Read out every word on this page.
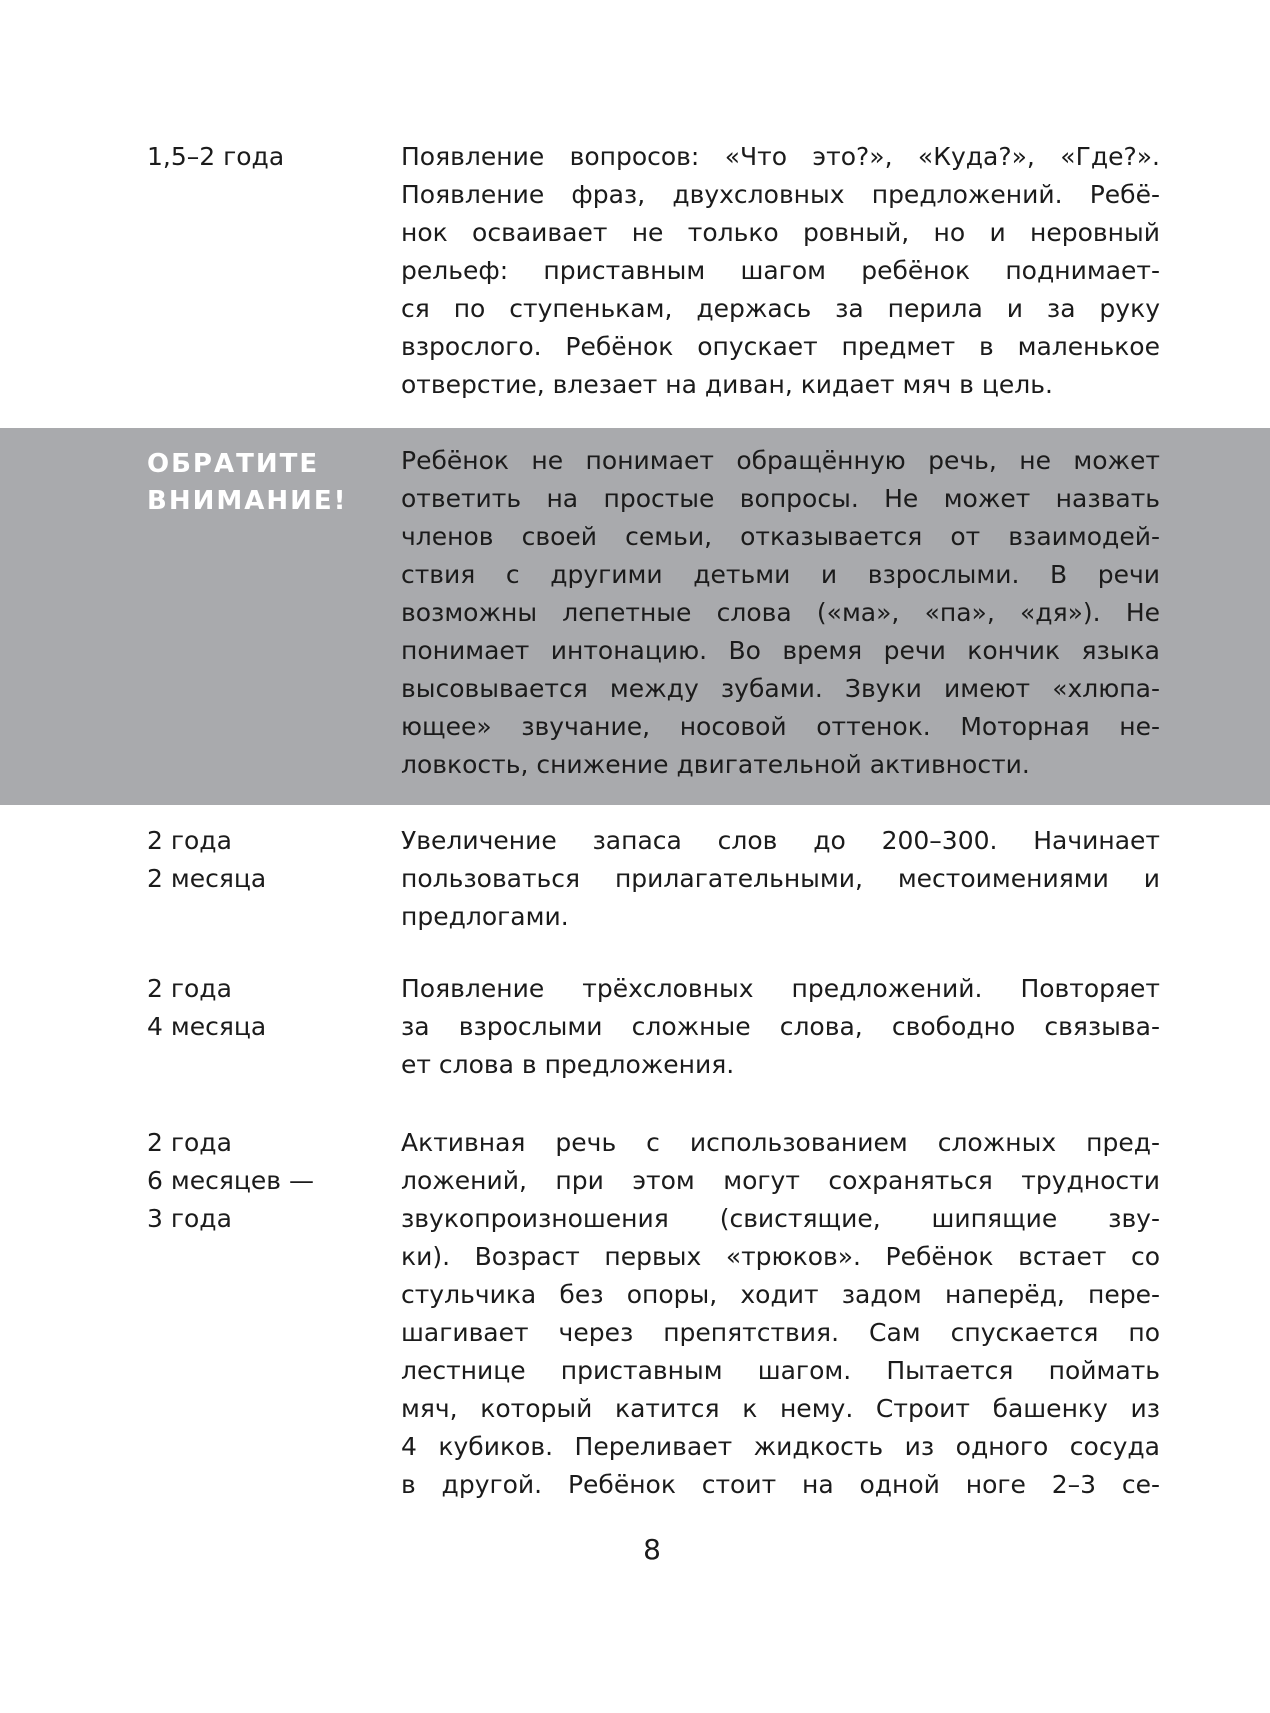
1,5–2 года	Появление вопросов: «Что это?», «Куда?», «Где?».
Появление фраз, двухсловных предложений. Ребё-
нок осваивает не только ровный, но и неровный
рельеф: приставным шагом ребёнок поднимает-
ся по ступенькам, держась за перила и за руку
взрослого. Ребёнок опускает предмет в маленькое
отверстие, влезает на диван, кидает мяч в цель.
ОБРАТИТЕ
ВНИМАНИЕ!
Ребёнок не понимает обращённую речь, не может
ответить на простые вопросы. Не может назвать
членов своей семьи, отказывается от взаимодей-
ствия с другими детьми и взрослыми. В речи
возможны лепетные слова («ма», «па», «дя»). Не
понимает интонацию. Во время речи кончик языка
высовывается между зубами. Звуки имеют «хлюпа-
ющее» звучание, носовой оттенок. Моторная не-
ловкость, снижение двигательной активности.
2 года
2 месяца
Увеличение запаса слов до 200–300. Начинает
пользоваться прилагательными, местоимениями и
предлогами.
2 года
4 месяца
Появление трёхсловных предложений. Повторяет
за взрослыми сложные слова, свободно связыва-
ет слова в предложения.
2 года
6 месяцев —
3 года
Активная речь с использованием сложных пред-
ложений, при этом могут сохраняться трудности
звукопроизношения (свистящие, шипящие зву-
ки). Возраст первых «трюков». Ребёнок встает со
стульчика без опоры, ходит задом наперёд, пере-
шагивает через препятствия. Сам спускается по
лестнице приставным шагом. Пытается поймать
мяч, который катится к нему. Строит башенку из
4 кубиков. Переливает жидкость из одного сосуда
в другой. Ребёнок стоит на одной ноге 2–3 се-
8
